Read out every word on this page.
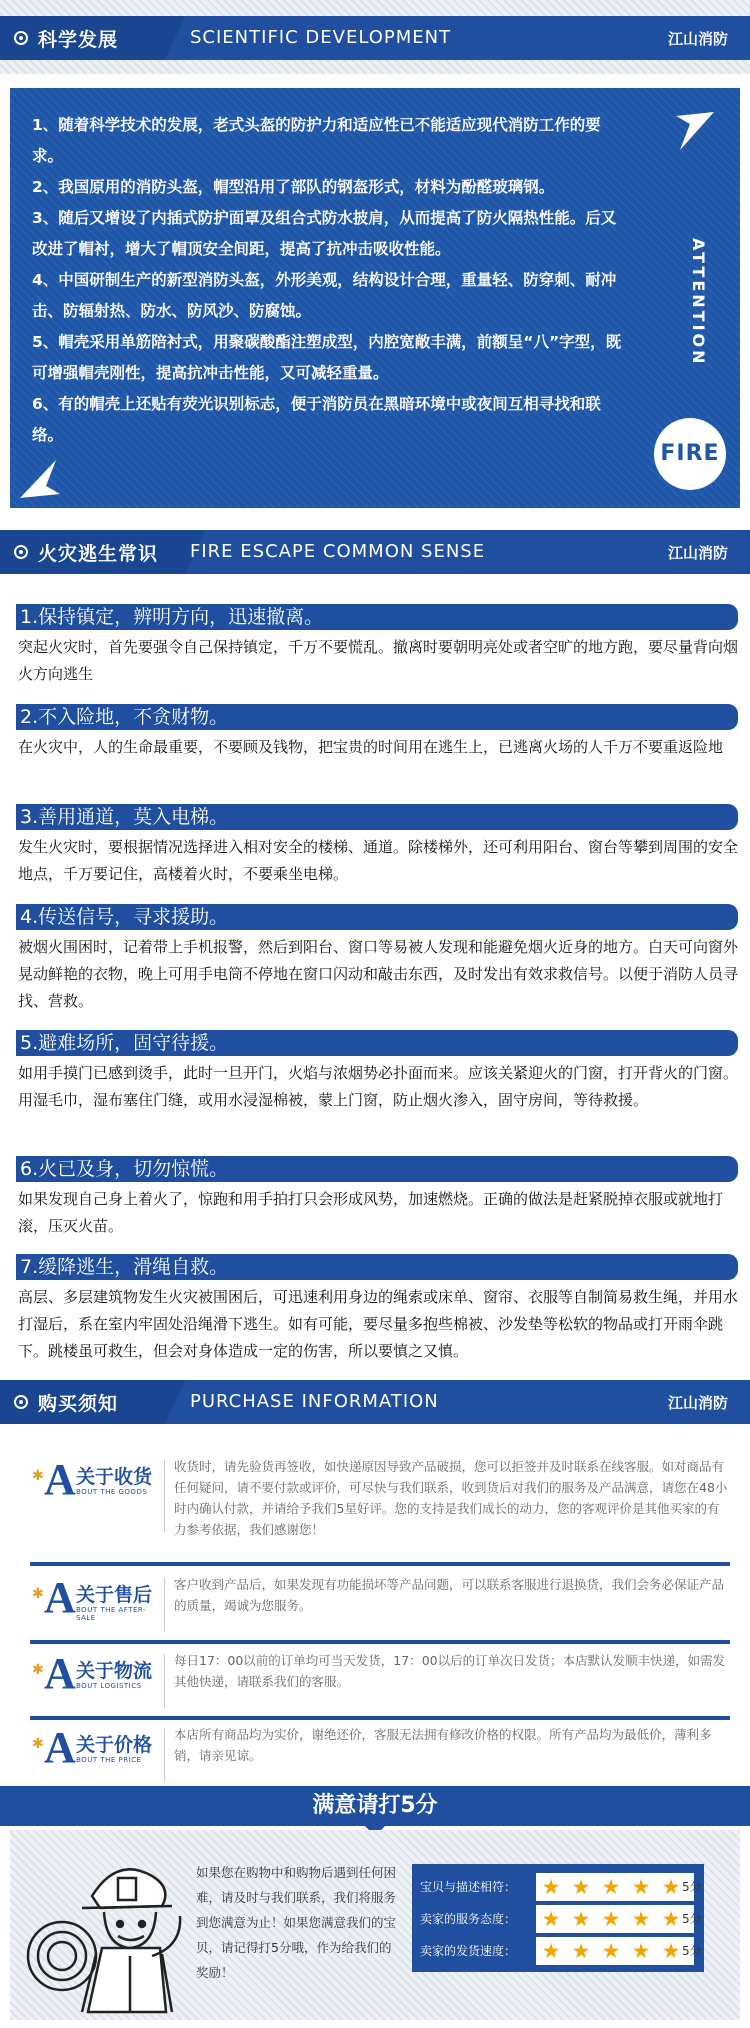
科学发展	SCIENTIFIC DEVELOPMENT	江山消防

1、随着科学技术的发展，老式头盔的防护力和适应性已不能适应现代消防工作的要求。

2、我国原用的消防头盔，帽型沿用了部队的钢盔形式，材料为酚醛玻璃钢。

3、随后又增设了内插式防护面罩及组合式防水披肩，从而提高了防火隔热性能。后又改进了帽衬，增大了帽顶安全间距，提高了抗冲击吸收性能。

4、中国研制生产的新型消防头盔，外形美观，结构设计合理，重量轻、防穿刺、耐冲击、防辐射热、防水、防风沙、防腐蚀。

5、帽壳采用单筋陪衬式，用聚碳酸酯注塑成型，内腔宽敞丰满，前额呈“八”字型，既可增强帽壳刚性，提高抗冲击性能，又可减轻重量。

6、有的帽壳上还贴有荧光识别标志，便于消防员在黑暗环境中或夜间互相寻找和联络。

ATTENTION
FIRE
火灾逃生常识 FIRE ESCAPE COMMON SENSE	江山消防
1.保持镇定，辨明方向，迅速撤离。
突起火灾时，首先要强令自己保持镇定，千万不要慌乱。撤离时要朝明亮处或者空旷的地方跑，要尽量背向烟火方向逃生
2.不入险地，不贪财物。
在火灾中，人的生命最重要，不要顾及钱物，把宝贵的时间用在逃生上，已逃离火场的人千万不要重返险地
3.善用通道，莫入电梯。
发生火灾时，要根据情况选择进入相对安全的楼梯、通道。除楼梯外，还可利用阳台、窗台等攀到周围的安全地点，千万要记住，高楼着火时，不要乘坐电梯。
4.传送信号，寻求援助。
被烟火围困时，记着带上手机报警，然后到阳台、窗口等易被人发现和能避免烟火近身的地方。白天可向窗外晃动鲜艳的衣物，晚上可用手电筒不停地在窗口闪动和敲击东西，及时发出有效求救信号。以便于消防人员寻找、营救。
5.避难场所，固守待援。
如用手摸门已感到烫手，此时一旦开门，火焰与浓烟势必扑面而来。应该关紧迎火的门窗，打开背火的门窗。用湿毛巾，湿布塞住门缝，或用水浸湿棉被，蒙上门窗，防止烟火渗入，固守房间，等待救援。
6.火已及身，切勿惊慌。
如果发现自己身上着火了，惊跑和用手拍打只会形成风势，加速燃烧。正确的做法是赶紧脱掉衣服或就地打滚，压灭火苗。
7.缓降逃生，滑绳自救。
高层、多层建筑物发生火灾被围困后，可迅速利用身边的绳索或床单、窗帘、衣服等自制简易救生绳，并用水打湿后，系在室内牢固处沿绳滑下逃生。如有可能，要尽量多抱些棉被、沙发垫等松软的物品或打开雨伞跳下。跳楼虽可救生，但会对身体造成一定的伤害，所以要慎之又慎。
购买须知	PURCHASE INFORMATION	江山消防
✱ A 关于收货
BOUT THE GOODS
收货时，请先验货再签收，如快递原因导致产品破损，您可以拒签并及时联系在线客服。如对商品有任何疑问，请不要付款或评价，可尽快与我们联系，收到货后对我们的服务及产品满意，请您在48小时内确认付款，并请给予我们5星好评。您的支持是我们成长的动力，您的客观评价是其他买家的有力参考依据，我们感谢您！
✱ A 关于售后
BOUT THE AFTER-SALE
客户收到产品后，如果发现有功能损坏等产品问题，可以联系客服进行退换货，我们会务必保证产品的质量，竭诚为您服务。
✱ A 关于物流
BOUT LOGISTICS
每日17：00以前的订单均可当天发货，17：00以后的订单次日发货；本店默认发顺丰快递，如需发其他快递，请联系我们的客服。
✱ A 关于价格
BOUT THE PRICE
本店所有商品均为实价，谢绝还价，客服无法拥有修改价格的权限。所有产品均为最低价，薄利多销，请亲见谅。
满意请打5分
如果您在购物中和购物后遇到任何困难，请及时与我们联系，我们将服务到您满意为止！如果您满意我们的宝贝，请记得打5分哦，作为给我们的奖励！
宝贝与描述相符： ★ ★ ★ ★ ★
卖家的服务态度： ★ ★ ★ ★ ★
卖家的发货速度： ★ ★ ★ ★ ★
5分
5分
5分
